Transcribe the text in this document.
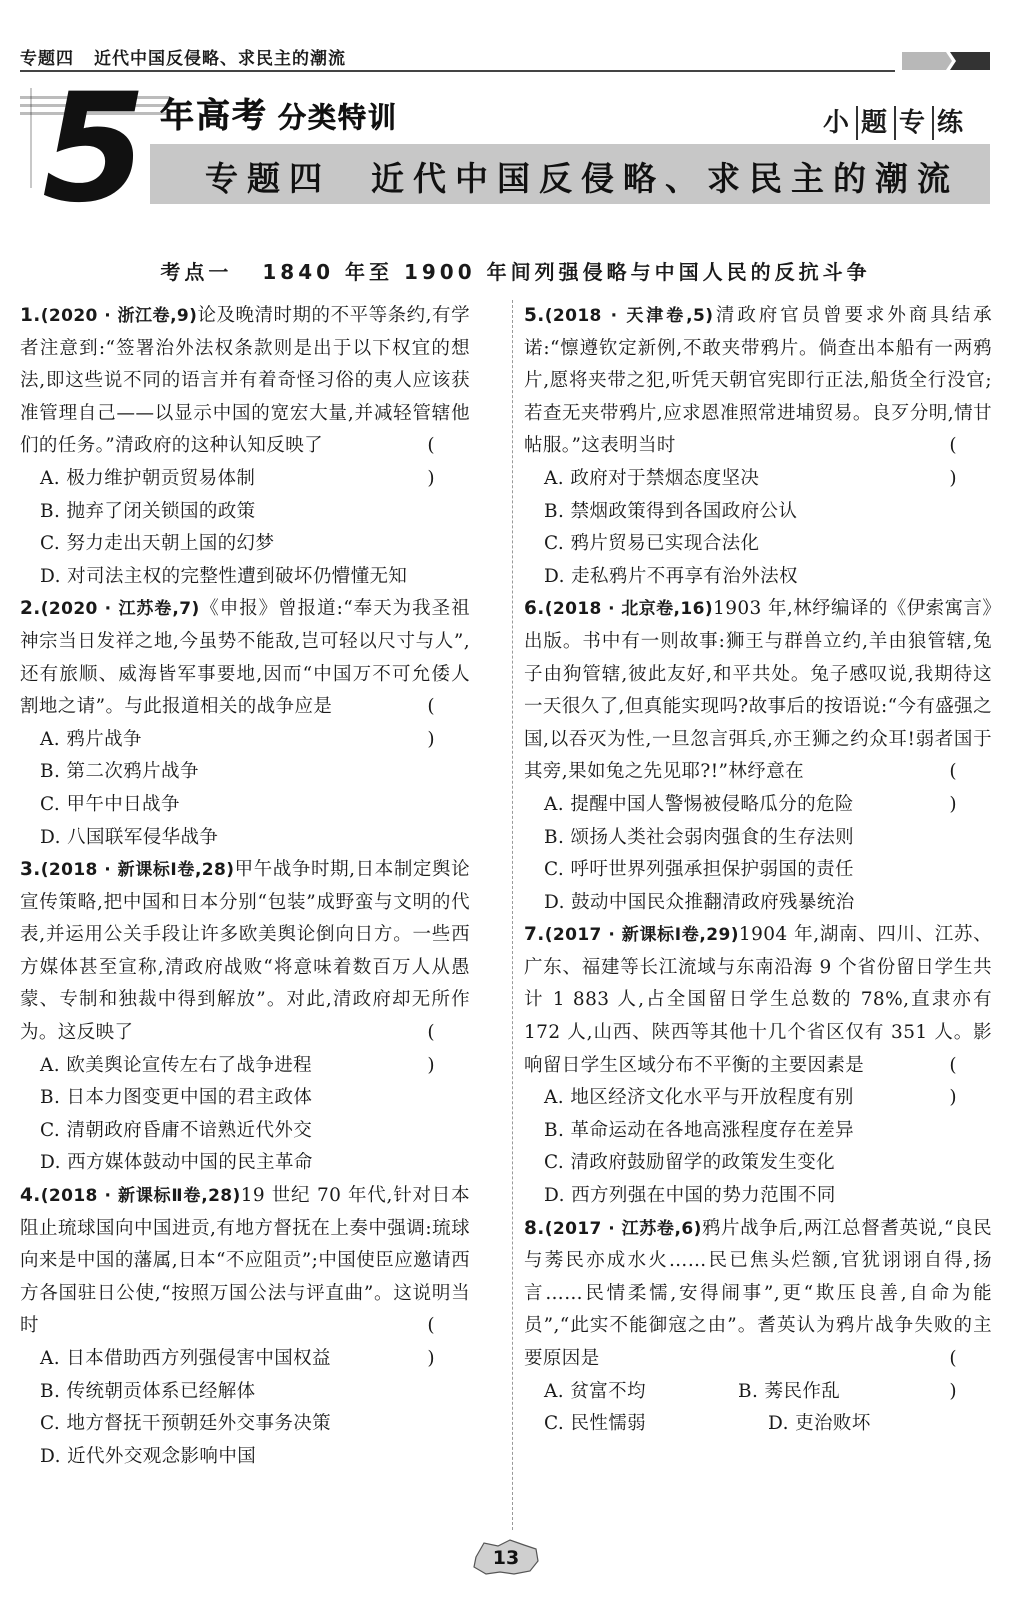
专题四 近代中国反侵略、求民主的潮流
5 年高考 分类特训	小 题 专 练
专题四 近代中国反侵略、求民主的潮流
考点一 1840 年至 1900 年间列强侵略与中国人民的反抗斗争
1.(2020 · 浙江卷,9)论及晚清时期的不平等条约,有学者注意到:“签署治外法权条款则是出于以下权宜的想法,即这些说不同的语言并有着奇怪习俗的夷人应该获准管理自己——以显示中国的宽宏大量,并减轻管辖他们的任务。”清政府的这种认知反映了	( )
A. 极力维护朝贡贸易体制
B. 抛弃了闭关锁国的政策
C. 努力走出天朝上国的幻梦
D. 对司法主权的完整性遭到破坏仍懵懂无知
2.(2020 · 江苏卷,7)《申报》曾报道:“奉天为我圣祖神宗当日发祥之地,今虽势不能敌,岂可轻以尺寸与人”,还有旅顺、威海皆军事要地,因而“中国万不可允倭人割地之请”。与此报道相关的战争应是	( )
A. 鸦片战争
B. 第二次鸦片战争
C. 甲午中日战争
D. 八国联军侵华战争
3.(2018 · 新课标Ⅰ卷,28)甲午战争时期,日本制定舆论宣传策略,把中国和日本分别“包装”成野蛮与文明的代表,并运用公关手段让许多欧美舆论倒向日方。一些西方媒体甚至宣称,清政府战败“将意味着数百万人从愚蒙、专制和独裁中得到解放”。对此,清政府却无所作为。这反映了	( )
A. 欧美舆论宣传左右了战争进程
B. 日本力图变更中国的君主政体
C. 清朝政府昏庸不谙熟近代外交
D. 西方媒体鼓动中国的民主革命
4.(2018 · 新课标Ⅱ卷,28)19 世纪 70 年代,针对日本阻止琉球国向中国进贡,有地方督抚在上奏中强调:琉球向来是中国的藩属,日本“不应阻贡”;中国使臣应邀请西方各国驻日公使,“按照万国公法与评直曲”。这说明当时	( )
A. 日本借助西方列强侵害中国权益
B. 传统朝贡体系已经解体
C. 地方督抚干预朝廷外交事务决策
D. 近代外交观念影响中国
5.(2018 · 天津卷,5)清政府官员曾要求外商具结承诺:“懔遵钦定新例,不敢夹带鸦片。倘查出本船有一两鸦片,愿将夹带之犯,听凭天朝官宪即行正法,船货全行没官;若查无夹带鸦片,应求恩准照常进埔贸易。良歹分明,情甘帖服。”这表明当时	( )
A. 政府对于禁烟态度坚决
B. 禁烟政策得到各国政府公认
C. 鸦片贸易已实现合法化
D. 走私鸦片不再享有治外法权
6.(2018 · 北京卷,16)1903 年,林纾编译的《伊索寓言》出版。书中有一则故事:狮王与群兽立约,羊由狼管辖,兔子由狗管辖,彼此友好,和平共处。兔子感叹说,我期待这一天很久了,但真能实现吗?故事后的按语说:“今有盛强之国,以吞灭为性,一旦忽言弭兵,亦王狮之约众耳!弱者国于其旁,果如兔之先见耶?!”林纾意在	( )
A. 提醒中国人警惕被侵略瓜分的危险
B. 颂扬人类社会弱肉强食的生存法则
C. 呼吁世界列强承担保护弱国的责任
D. 鼓动中国民众推翻清政府残暴统治
7.(2017 · 新课标Ⅰ卷,29)1904 年,湖南、四川、江苏、广东、福建等长江流域与东南沿海 9 个省份留日学生共计 1 883 人,占全国留日学生总数的 78%,直隶亦有 172 人,山西、陕西等其他十几个省区仅有 351 人。影响留日学生区域分布不平衡的主要因素是	( )
A. 地区经济文化水平与开放程度有别
B. 革命运动在各地高涨程度存在差异
C. 清政府鼓励留学的政策发生变化
D. 西方列强在中国的势力范围不同
8.(2017 · 江苏卷,6)鸦片战争后,两江总督耆英说,“良民与莠民亦成水火……民已焦头烂额,官犹诩诩自得,扬言……民情柔懦,安得闹事”,更“欺压良善,自命为能员”,“此实不能御寇之由”。耆英认为鸦片战争失败的主要原因是	( )
A. 贫富不均	B. 莠民作乱
C. 民性懦弱	D. 吏治败坏
13
